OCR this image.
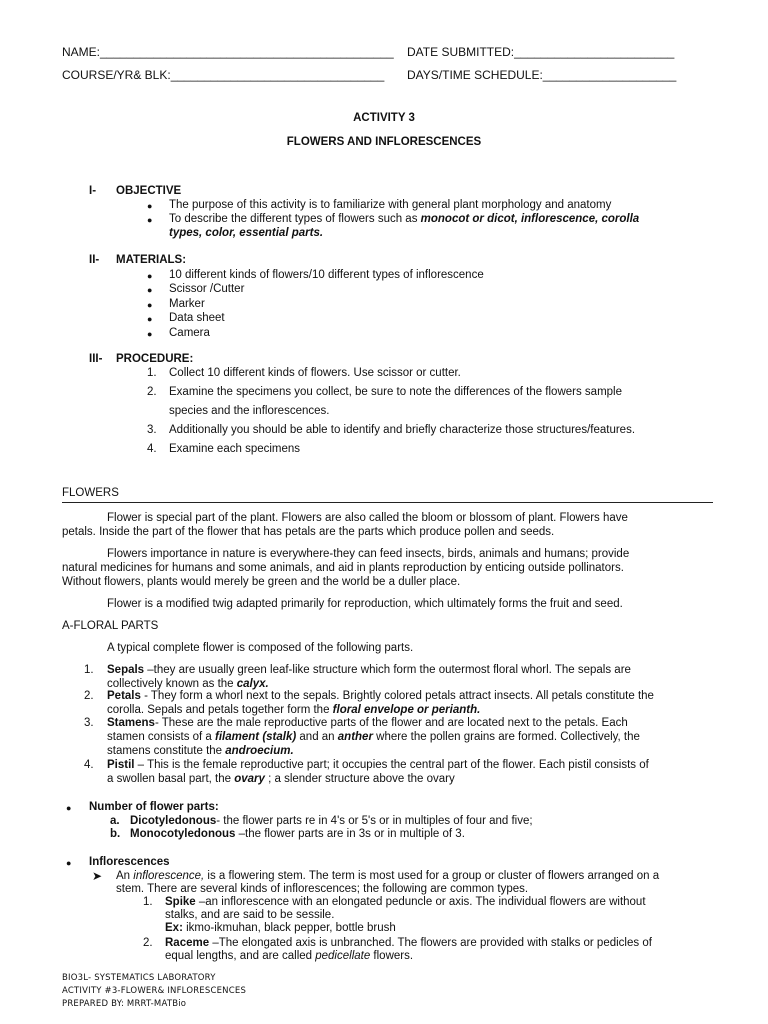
NAME:____________________________________________ DATE SUBMITTED:________________________
COURSE/YR& BLK:________________________________ DAYS/TIME SCHEDULE:____________________
ACTIVITY 3
FLOWERS AND INFLORESCENCES
I- OBJECTIVE
● The purpose of this activity is to familiarize with general plant morphology and anatomy
● To describe the different types of flowers such as monocot or dicot, inflorescence, corolla
types, color, essential parts.
II- MATERIALS:
● 10 different kinds of flowers/10 different types of inflorescence
● Scissor /Cutter
● Marker
● Data sheet
● Camera
III- PROCEDURE:
1. Collect 10 different kinds of flowers. Use scissor or cutter.
2. Examine the specimens you collect, be sure to note the differences of the flowers sample
species and the inflorescences.
3. Additionally you should be able to identify and briefly characterize those structures/features.
4. Examine each specimens
FLOWERS
Flower is special part of the plant. Flowers are also called the bloom or blossom of plant. Flowers have
petals. Inside the part of the flower that has petals are the parts which produce pollen and seeds.
Flowers importance in nature is everywhere-they can feed insects, birds, animals and humans; provide
natural medicines for humans and some animals, and aid in plants reproduction by enticing outside pollinators.
Without flowers, plants would merely be green and the world be a duller place.
Flower is a modified twig adapted primarily for reproduction, which ultimately forms the fruit and seed.
A-FLORAL PARTS
A typical complete flower is composed of the following parts.
1. Sepals –they are usually green leaf-like structure which form the outermost floral whorl. The sepals are
collectively known as the calyx.
2. Petals - They form a whorl next to the sepals. Brightly colored petals attract insects. All petals constitute the
corolla. Sepals and petals together form the floral envelope or perianth.
3. Stamens- These are the male reproductive parts of the flower and are located next to the petals. Each
stamen consists of a filament (stalk) and an anther where the pollen grains are formed. Collectively, the
stamens constitute the androecium.
4. Pistil – This is the female reproductive part; it occupies the central part of the flower. Each pistil consists of
a swollen basal part, the ovary ; a slender structure above the ovary
● Number of flower parts:
a. Dicotyledonous- the flower parts re in 4's or 5's or in multiples of four and five;
b. Monocotyledonous –the flower parts are in 3s or in multiple of 3.
● Inflorescences
➤ An inflorescence, is a flowering stem. The term is most used for a group or cluster of flowers arranged on a
stem. There are several kinds of inflorescences; the following are common types.
1. Spike –an inflorescence with an elongated peduncle or axis. The individual flowers are without
stalks, and are said to be sessile.
Ex: ikmo-ikmuhan, black pepper, bottle brush
2. Raceme –The elongated axis is unbranched. The flowers are provided with stalks or pedicles of
equal lengths, and are called pedicellate flowers.
BIO3L- SYSTEMATICS LABORATORY
ACTIVITY #3-FLOWER& INFLORESCENCES
PREPARED BY: MRRT-MATBio
